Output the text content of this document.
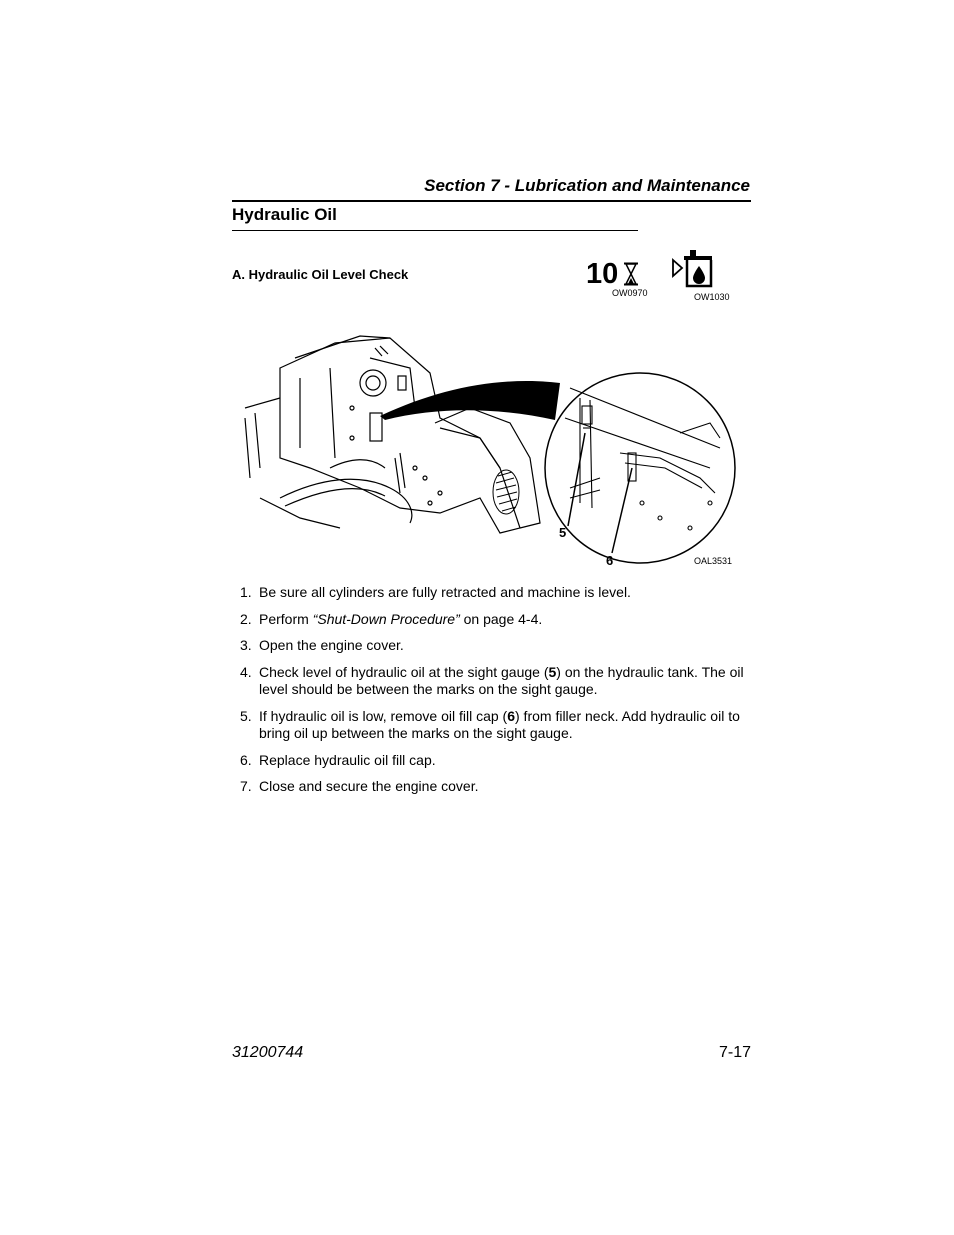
Section 7 - Lubrication and Maintenance
Hydraulic Oil
A. Hydraulic Oil Level Check	10
OW0970	OW1030
5
6	OAL3531
1. Be sure all cylinders are fully retracted and machine is level.
2. Perform “Shut-Down Procedure” on page 4-4.
3. Open the engine cover.
4. Check level of hydraulic oil at the sight gauge (5) on the hydraulic tank. The oil level should be between the marks on the sight gauge.
5. If hydraulic oil is low, remove oil fill cap (6) from filler neck. Add hydraulic oil to bring oil up between the marks on the sight gauge.
6. Replace hydraulic oil fill cap.
7. Close and secure the engine cover.
31200744	7-17
